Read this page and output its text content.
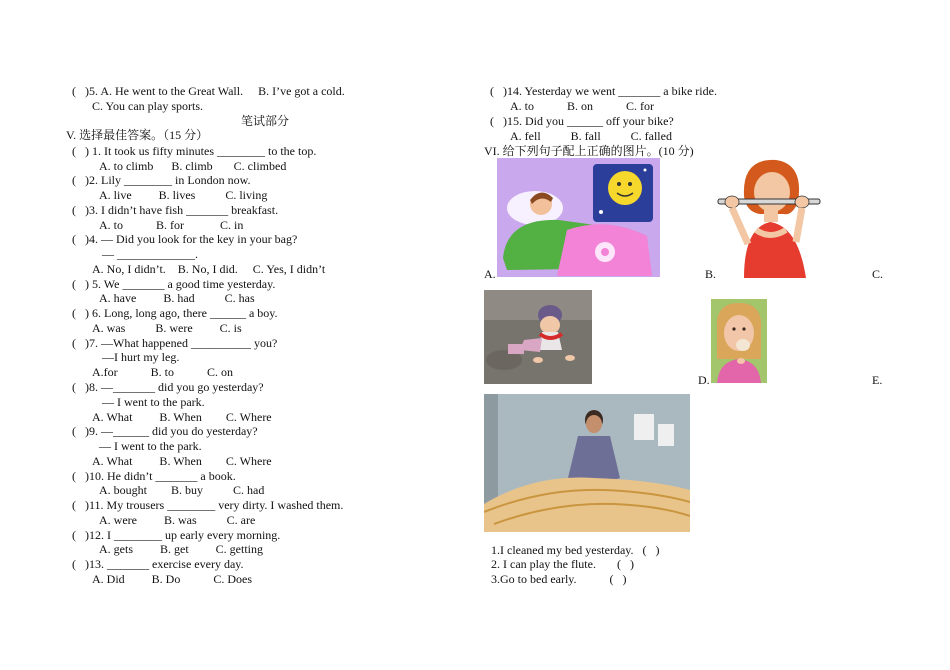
(   )5. A. He went to the Great Wall.     B. I’ve got a cold.
C. You can play sports.
笔试部分
V. 选择最佳答案。（15 分）
(   ) 1. It took us fifty minutes ________ to the top.
A. to climb      B. climb       C. climbed
(   )2. Lily ________ in London now.
A. live         B. lives          C. living
(   )3. I didn’t have fish _______ breakfast.
A. to           B. for            C. in
(   )4. — Did you look for the key in your bag?
— _____________.
A. No, I didn’t.    B. No, I did.     C. Yes, I didn’t
(   ) 5. We _______ a good time yesterday.
A. have         B. had          C. has
(   ) 6. Long, long ago, there ______ a boy.
A. was          B. were         C. is
(   )7. —What happened __________ you?
—I hurt my leg.
A.for           B. to           C. on
(   )8. —_______ did you go yesterday?
— I went to the park.
A. What         B. When        C. Where
(   )9. —______ did you do yesterday?
— I went to the park.
A. What         B. When        C. Where
(   )10. He didn’t _______ a book.
A. bought        B. buy          C. had
(   )11. My trousers ________ very dirty. I washed them.
A. were         B. was          C. are
(   )12. I ________ up early every morning.
A. gets         B. get         C. getting
(   )13. _______ exercise every day.
A. Did         B. Do           C. Does
(   )14. Yesterday we went _______ a bike ride.
A. to           B. on           C. for
(   )15. Did you ______ off your bike?
A. fell          B. fall          C. falled
VI. 给下列句子配上正确的图片。(10 分)
A.	B.	C.
D.	E.
1.I cleaned my bed yesterday.   (   )
2. I can play the flute.       (   )
3.Go to bed early.           (   )
